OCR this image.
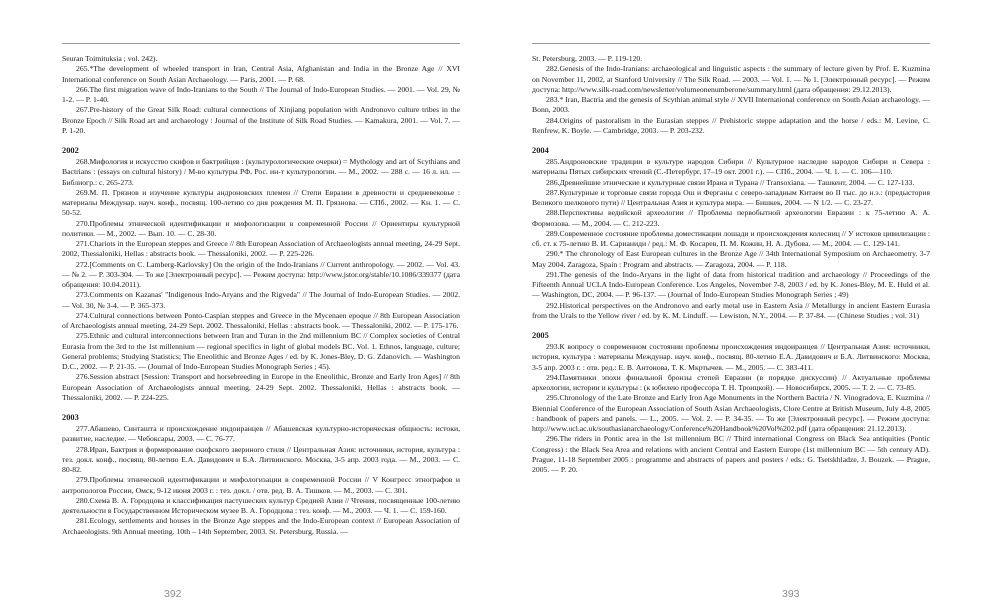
Seuran Toimituksia ; vol. 242).

265.*The development of wheeled transport in Iran, Central Asia, Afghanistan and India in the Bronze Age // XVI International conference on South Asian Archaeology. — Paris, 2001. — P. 68.

266.The first migration wave of Indo-Iranians to the South // The Journal of Indo-European Studies. — 2001. — Vol. 29, № 1-2. — P. 1-40.

267.Pre-history of the Great Silk Road: cultural connections of Xinjiang population with Andronovo culture tribes in the Bronze Epoch // Silk Road art and archaeology : Journal of the Institute of Silk Road Studies. — Kamakura, 2001. — Vol. 7. — P. 1-20.

2002

268.Мифология и искусство скифов и бактрийцев : (культурологические очерки) = Mythology and art of Scythians and Bactrians : (essays on cultural history) / М-во культуры РФ, Рос. ин-т культурологии. — М., 2002. — 288 с. — 16 л. ил. — Библиогр.: с. 265-273.

269.М. П. Грязнов и изучение культуры андроновских племен // Степи Евразии в древности и средневековье : материалы Междунар. науч. конф., посвящ. 100-летию со дня рождения М. П. Грязнова. — СПб., 2002. — Кн. 1. — С. 50-52.

270.Проблемы этнической идентификации и мифологизации в современной России // Ориентиры культурной политики. — М., 2002. — Вып. 10. — С. 28-30.

271.Chariots in the European steppes and Greece // 8th European Association of Archaeologists annual meeting, 24-29 Sept. 2002, Thessaloniki, Hellas : abstracts book. — Thessaloniki, 2002. — P. 225-226.

272.[Comments on C. Lamberg-Karlovsky] On the origin of the Indo-Iranians // Current anthropology. — 2002. — Vol. 43. — № 2. — P. 303-304. — То же [Электронный ресурс]. — Режим доступа: http://www.jstor.org/stable/10.1086/339377 (дата обращения: 10.04.2011).

273.Comments on Kazanas' "Indigenous Indo-Aryans and the Rigveda" // The Journal of Indo-European Studies. — 2002. — Vol. 30, № 3-4. — P. 365-373.

274.Cultural connections between Ponto-Caspian steppes and Greece in the Mycenaen epoque // 8th European Association of Archaeologists annual meeting, 24-29 Sept. 2002. Thessaloniki, Hellas : abstracts book. — Thessaloniki, 2002. — P. 175-176.

275.Ethnic and cultural interconnections between Iran and Turan in the 2nd millennium BC // Complex societies of Central Eurasia from the 3rd to the 1st millennium — regional specifics in light of global models BC. Vol. 1. Ethnos, language, culture; General problems; Studying Statistics; The Eneolithic and Bronze Ages / ed. by K. Jones-Bley, D. G. Zdanovich. — Washington D.C., 2002. — P. 21-35. — (Journal of Indo-European Studies Monograph Series ; 45).

276.Session abstract [Session: Transport and horsebreeding in Europe in the Eneolithic, Bronze and Early Iron Ages] // 8th European Association of Archaeologists annual meeting, 24-29 Sept. 2002. Thessaloniki, Hellas : abstracts book. — Thessaloniki, 2002. — P. 224-225.

2003

277.Абашево, Синташта и происхождение индоиранцев // Абашевская культурно-историческая общность: истоки, развитие, наследие. — Чебоксары, 2003. — С. 76-77.

278.Иран, Бактрия и формирование скифского звериного стиля // Центральная Азия: источники, история, культура : тез. докл. конф., посвящ. 80-летию Е.А. Давидович и Б.А. Литвинского. Москва, 3-5 апр. 2003 года. — М., 2003. — С. 80-82.

279.Проблемы этнической идентификации и мифологизации в современной России // V Конгресс этнографов и антропологов России, Омск, 9-12 июня 2003 г. : тез. докл. / отв. ред. В. А. Тишков. — М., 2003. — С. 301.

280.Схема В. А. Городцова и классификация пастушеских культур Средней Азии // Чтения, посвященные 100-летию деятельности в Государственном Историческом музее В. А. Городцова : тез. конф. — М., 2003. — Ч. 1. — С. 159-160.

281.Ecology, settlements and houses in the Bronze Age steppes and the Indo-European context // European Association of Archaeologists. 9th Annual meeting. 10th – 14th September, 2003. St. Petersburg, Russia. —

392

St. Petersburg, 2003. — P. 119-120.

282.Genesis of the Indo-Iranians: archaeological and linguistic aspects : the summary of lecture given by Prof. E. Kuzmina on November 11, 2002, at Stanford University // The Silk Road. — 2003. — Vol. 1. — № 1. [Электронный ресурс]. — Режим доступа: http://www.silk-road.com/newsletter/volumeonenumberone/summary.html (дата обращения: 29.12.2013).

283.* Iran, Bactria and the genesis of Scythian animal style // XVII International conference on South Asian archaeology. — Bonn, 2003.

284.Origins of pastoralism in the Eurasian steppes // Prehistoric steppe adaptation and the horse / eds.: M. Levine, C. Renfrew, K. Boyle. — Cambridge, 2003. — P. 203-232.

2004

285.Андроновские традиции в культуре народов Сибири // Культурное наследие народов Сибири и Севера : материалы Пятых сибирских чтений (С.-Петербург, 17–19 окт. 2001 г.). — СПб., 2004. — Ч. 1. — С. 106—110.

286.Древнейшие этнические и культурные связи Ирана и Турана // Transoxiana. — Ташкент, 2004. — С. 127-133.

287.Культурные и торговые связи города Ош и Ферганы с северо-западным Китаем во II тыс. до н.э.: (предыстория Великого шелкового пути) // Центральная Азия и культура мира. — Бишкек, 2004. — N 1/2. — С. 23-27.

288.Перспективы ведийской археологии // Проблемы первобытной археологии Евразии : к 75-летию А. А. Формозова. — М., 2004. — С. 212-223.

289.Современное состояние проблемы доместикации лошади и происхождения колесниц // У истоков цивилизации : сб. ст. к 75-летию В. И. Сарианиди / ред.: М. Ф. Косарев, П. М. Кожин, Н. А. Дубова. — М., 2004. — С. 129-141.

290.* The chronology of East European cultures in the Bronze Age // 34th International Symposium on Archaeometry. 3-7 May 2004, Zaragoza, Spain : Program and abstracts. — Zaragoza, 2004. — P. 118.

291.The genesis of the Indo-Aryans in the light of data from historical tradition and archaeology // Proceedings of the Fifteenth Annual UCLA Indo-European Conference. Los Angeles, November 7-8, 2003 / ed. by K. Jones-Bley, M. E. Huld et al. — Washington, DC, 2004. — P. 96-137. — (Journal of Indo-European Studies Monograph Series ; 49)

292.Historical perspectives on the Andronovo and early metal use in Eastern Asia // Metallurgy in ancient Eastern Eurasia from the Urals to the Yellow river / ed. by K. M. Linduff. — Lewiston, N.Y., 2004. — P. 37-84. — (Chinese Studies ; vol. 31)

2005

293.К вопросу о современном состоянии проблемы происхождения индоиранцев // Центральная Азия: источники, история, культура : материалы Междунар. науч. конф., посвящ. 80-летию Е.А. Давидович и Б.А. Литвинского: Москва, 3-5 апр. 2003 г. : отв. ред.: Е. В. Антонова, Т. К. Мкртычев. — М., 2005. — С. 383-411.

294.Памятники эпохи финальной бронзы степей Евразии (в порядке дискуссии) // Актуальные проблемы археологии, истории и культуры : (к юбилею профессора Т. Н. Троицкой). — Новосибирск, 2005. — Т. 2. — С. 73-85.

295.Chronology of the Late Bronze and Early Iron Age Monuments in the Northern Bactria / N. Vinogradova, E. Kuzmina // Biennial Conference of the European Association of South Asian Archaeologists, Clore Centre at British Museum, July 4-8, 2005 : handbook of papers and panels. — L., 2005. — Vol. 2. — P. 34-35. — То же [Электронный ресурс]. — Режим доступа: http://www.ucl.ac.uk/southasianarchaeology/Conference%20Handbook%20Vol%202.pdf (дата обращения: 21.12.2013).

296.The riders in Pontic area in the 1st millennium BC // Third international Congress on Black Sea antiquities (Pontic Congress) : the Black Sea Area and relations with ancient Central and Eastern Europe (1st millennium BC — 5th century AD). Prague, 11-18 September 2005 : programme and abstracts of papers and posters / eds.: G. Tsetskhladze, J. Bouzek. — Prague, 2005. — P. 20.

393
